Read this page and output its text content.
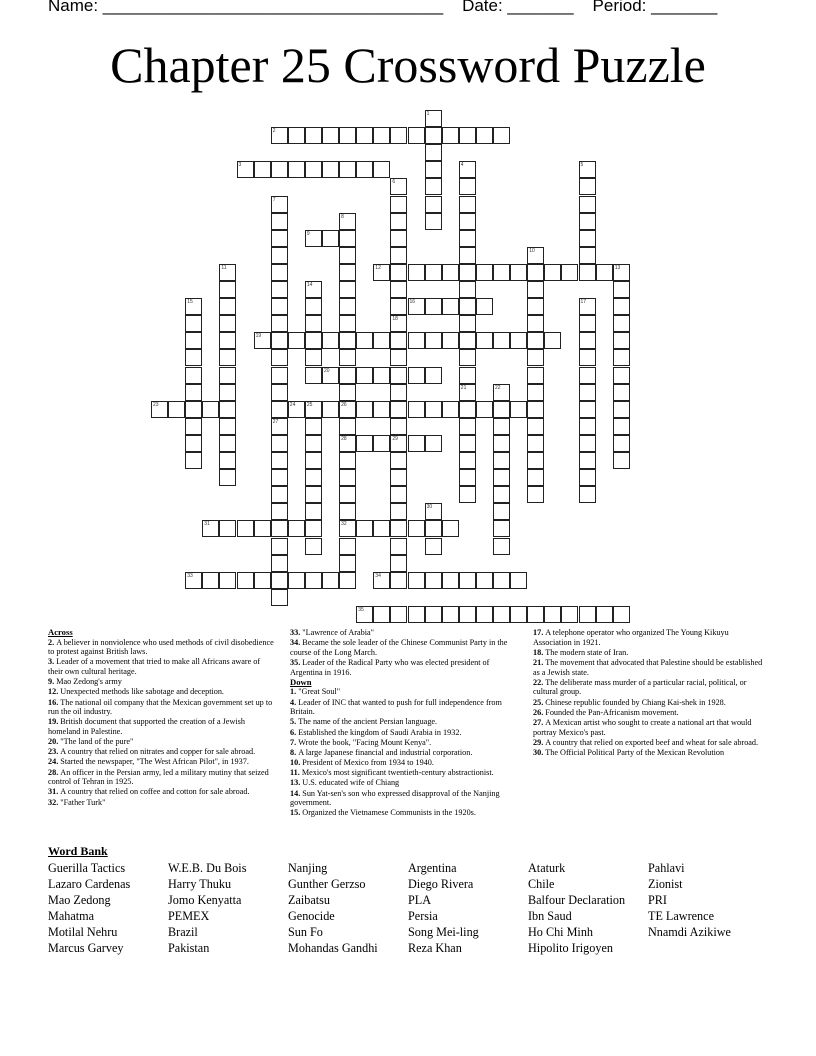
Name: ____________________________________ Date: _______ Period: _______
Chapter 25 Crossword Puzzle
1
2
3	4
21
5
6
18
29
7
27
8
26
28
32
9
10
11	12	13
14
15	16	17
19
20
22
23	24 25
30
31
33	34
35
Across

2. A believer in nonviolence who used methods of civil disobedience to protest against British laws.

3. Leader of a movement that tried to make all Africans aware of their own cultural heritage.

9. Mao Zedong's army

12. Unexpected methods like sabotage and deception.

16. The national oil company that the Mexican government set up to run the oil industry.

19. British document that supported the creation of a Jewish homeland in Palestine.

20. "The land of the pure"

23. A country that relied on nitrates and copper for sale abroad.

24. Started the newspaper, "The West African Pilot", in 1937.

28. An officer in the Persian army, led a military mutiny that seized control of Tehran in 1925.

31. A country that relied on coffee and cotton for sale abroad.

32. "Father Turk"

33. "Lawrence of Arabia"

34. Became the sole leader of the Chinese Communist Party in the course of the Long March.

35. Leader of the Radical Party who was elected president of Argentina in 1916.

Down

1. "Great Soul"

4. Leader of INC that wanted to push for full independence from Britain.

5. The name of the ancient Persian language.

6. Established the kingdom of Saudi Arabia in 1932.

7. Wrote the book, "Facing Mount Kenya".

8. A large Japanese financial and industrial corporation.

10. President of Mexico from 1934 to 1940.

11. Mexico's most significant twentieth-century abstractionist.

13. U.S. educated wife of Chiang

14. Sun Yat-sen's son who expressed disapproval of the Nanjing government.

15. Organized the Vietnamese Communists in the 1920s.

17. A telephone operator who organized The Young Kikuyu Association in 1921.

18. The modern state of Iran.

21. The movement that advocated that Palestine should be established as a Jewish state.

22. The deliberate mass murder of a particular racial, political, or cultural group.

25. Chinese republic founded by Chiang Kai-shek in 1928.

26. Founded the Pan-Africanism movement.

27. A Mexican artist who sought to create a national art that would portray Mexico's past.

29. A country that relied on exported beef and wheat for sale abroad.

30. The Official Political Party of the Mexican Revolution

Word Bank
Guerilla Tactics
Lazaro Cardenas
Mao Zedong
Mahatma
Motilal Nehru
Marcus Garvey
W.E.B. Du Bois
Harry Thuku
Jomo Kenyatta
PEMEX
Brazil
Pakistan
Nanjing
Gunther Gerzso
Zaibatsu
Genocide
Sun Fo
Mohandas Gandhi
Argentina
Diego Rivera
PLA
Persia
Song Mei-ling
Reza Khan
Ataturk
Chile
Balfour Declaration
Ibn Saud
Ho Chi Minh
Hipolito Irigoyen
Pahlavi
Zionist
PRI
TE Lawrence
Nnamdi Azikiwe
